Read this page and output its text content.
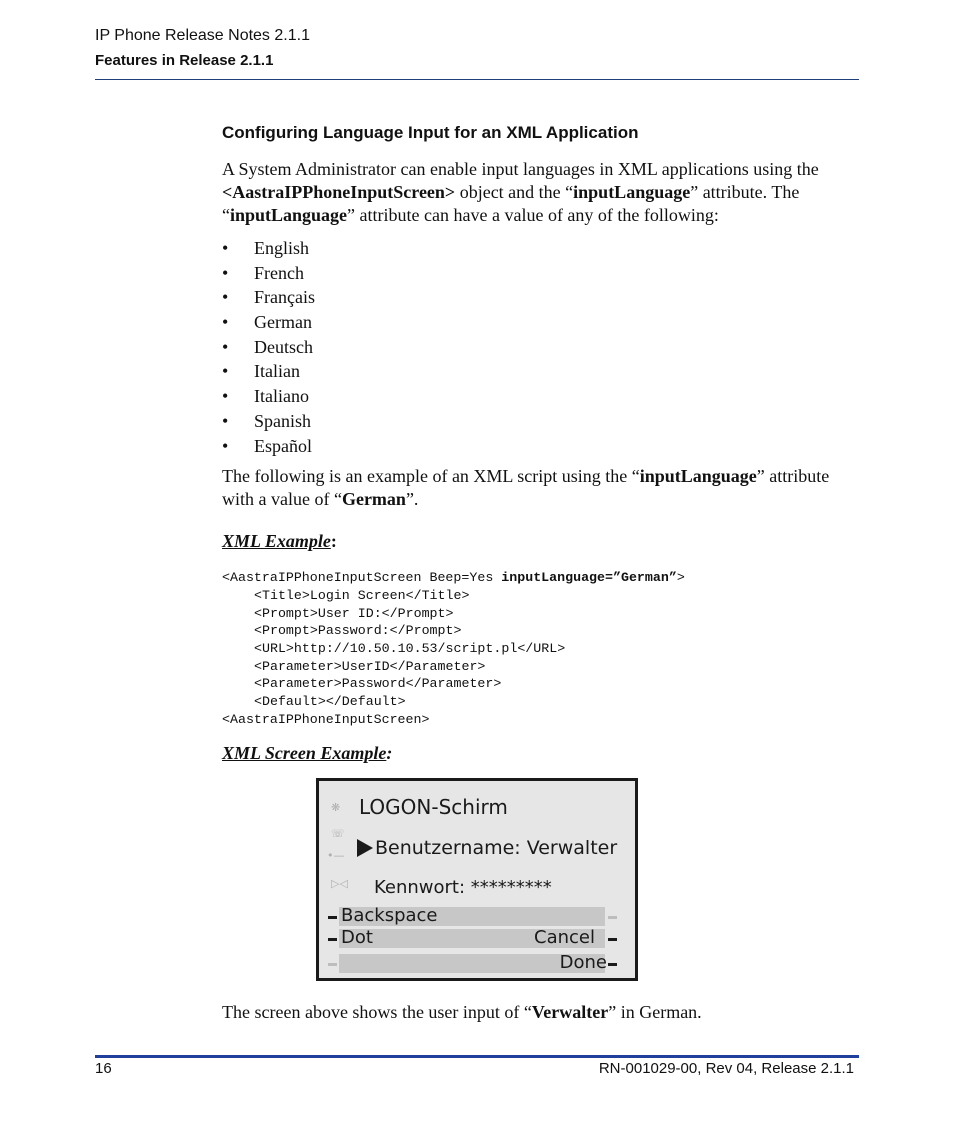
IP Phone Release Notes 2.1.1
Features in Release 2.1.1
Configuring Language Input for an XML Application

A System Administrator can enable input languages in XML applications using the <AastraIPPhoneInputScreen> object and the “inputLanguage” attribute. The “inputLanguage” attribute can have a value of any of the following:

• English
• French
• Français
• German
• Deutsch
• Italian
• Italiano
• Spanish
• Español

The following is an example of an XML script using the “inputLanguage” attribute with a value of “German”.

XML Example:
<AastraIPPhoneInputScreen Beep=Yes inputLanguage=”German”>
<Title>Login Screen</Title>
<Prompt>User ID:</Prompt>
<Prompt>Password:</Prompt>
<URL>http://10.50.10.53/script.pl</URL>
<Parameter>UserID</Parameter>
<Parameter>Password</Parameter>
<Default></Default>
<AastraIPPhoneInputScreen>
XML Screen Example:
❋
☏
•—
▷◁
LOGON-Schirm
Benutzername: Verwalter
Kennwort: *********
Backspace
Dot	Cancel
Done
The screen above shows the user input of “Verwalter” in German.
16	RN-001029-00, Rev 04, Release 2.1.1
